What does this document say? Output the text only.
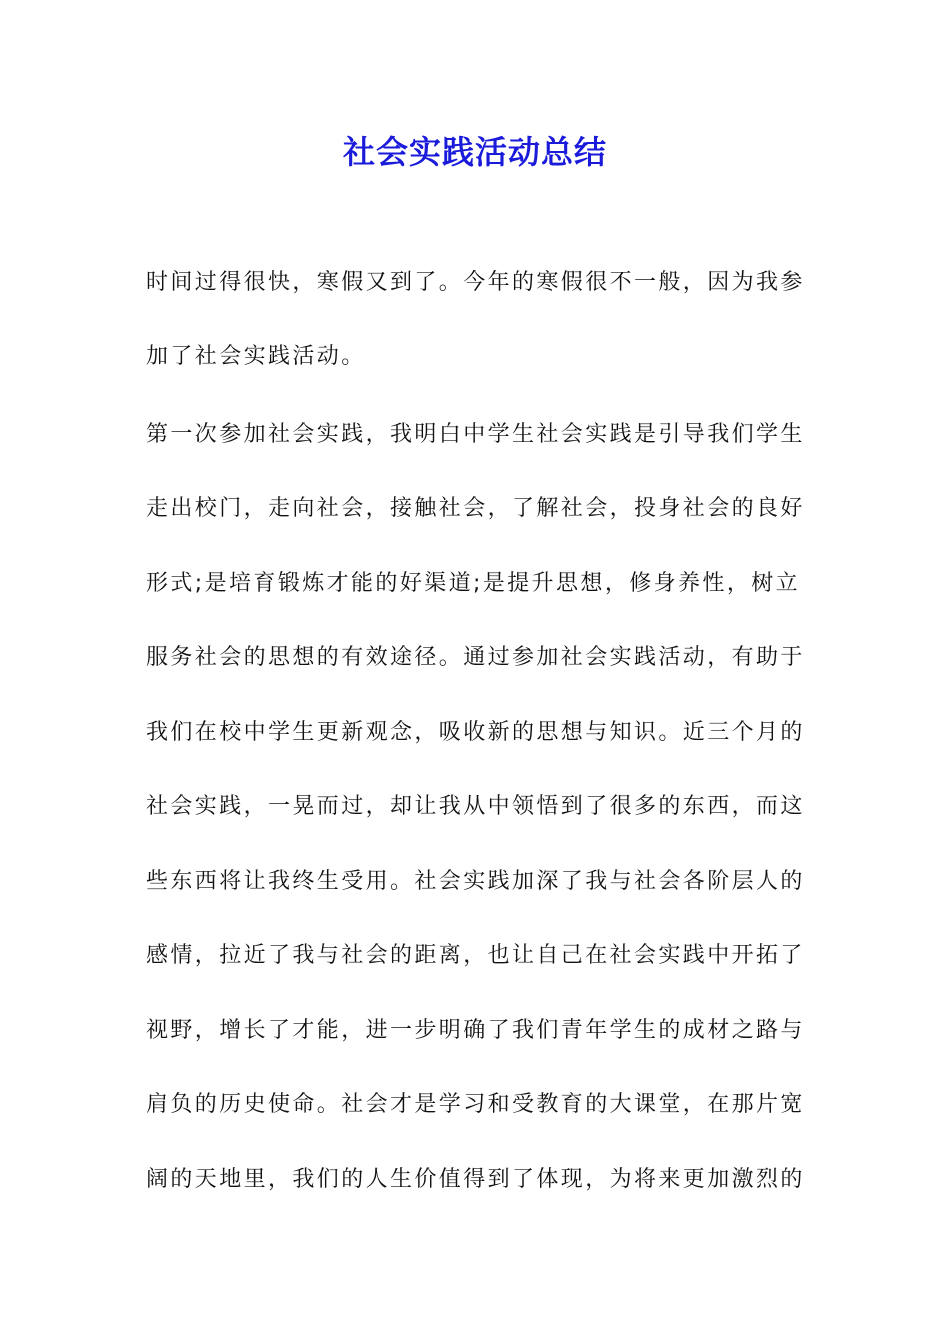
社会实践活动总结
时间过得很快，寒假又到了。今年的寒假很不一般，因为我参
加了社会实践活动。
第一次参加社会实践，我明白中学生社会实践是引导我们学生
走出校门，走向社会，接触社会，了解社会，投身社会的良好
形式;是培育锻炼才能的好渠道;是提升思想，修身养性，树立
服务社会的思想的有效途径。通过参加社会实践活动，有助于
我们在校中学生更新观念，吸收新的思想与知识。近三个月的
社会实践，一晃而过，却让我从中领悟到了很多的东西，而这
些东西将让我终生受用。社会实践加深了我与社会各阶层人的
感情，拉近了我与社会的距离，也让自己在社会实践中开拓了
视野，增长了才能，进一步明确了我们青年学生的成材之路与
肩负的历史使命。社会才是学习和受教育的大课堂，在那片宽
阔的天地里，我们的人生价值得到了体现，为将来更加激烈的
